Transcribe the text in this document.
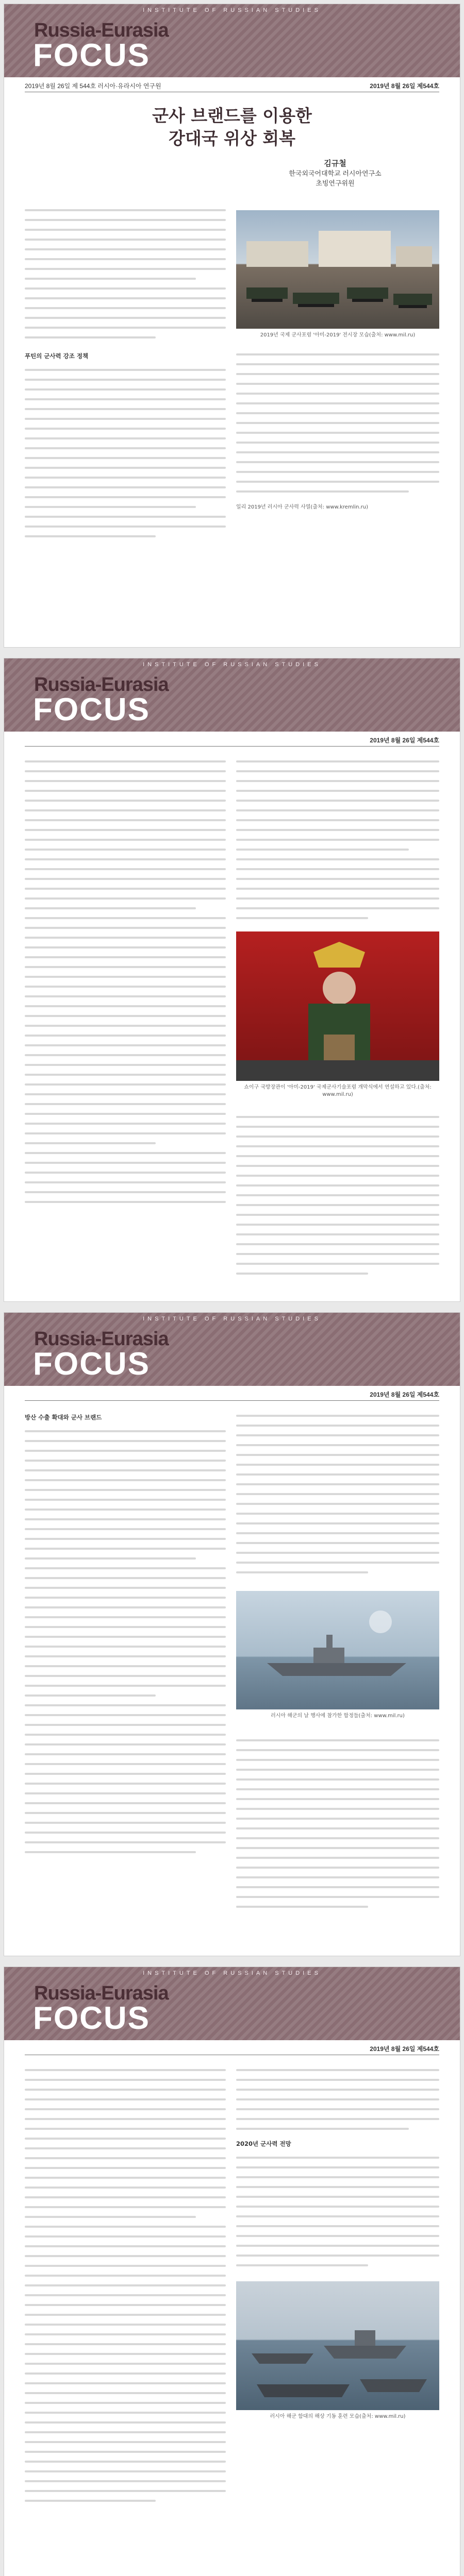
INSTITUTE OF RUSSIAN STUDIES
Russia-Eurasia
FOCUS
2019년 8월 26일 제 544호 러시아·유라시아 연구원	2019년 8월 26일 제544호
군사 브랜드를 이용한
강대국 위상 회복
김규철
한국외국어대학교 러시아연구소
초빙연구위원

푸틴의 군사력 강조 정책

2019년 국제 군사포럼 '아미-2019' 전시장 모습(출처: www.mil.ru)
일리 2019년 러시아 군사력 사열(출처: www.kremlin.ru)
INSTITUTE OF RUSSIAN STUDIES
Russia-Eurasia
FOCUS
2019년 8월 26일 제544호
쇼이구 국방장관이 '아미-2019' 국제군사기술포럼 개막식에서 연설하고 있다.(출처: www.mil.ru)
INSTITUTE OF RUSSIAN STUDIES
Russia-Eurasia
FOCUS
2019년 8월 26일 제544호

방산 수출 확대와 군사 브랜드

러시아 해군의 날 행사에 참가한 함정들(출처: www.mil.ru)
INSTITUTE OF RUSSIAN STUDIES
Russia-Eurasia
FOCUS
2019년 8월 26일 제544호

2020년 군사력 전망

러시아 해군 함대의 해상 기동 훈련 모습(출처: www.mil.ru)
